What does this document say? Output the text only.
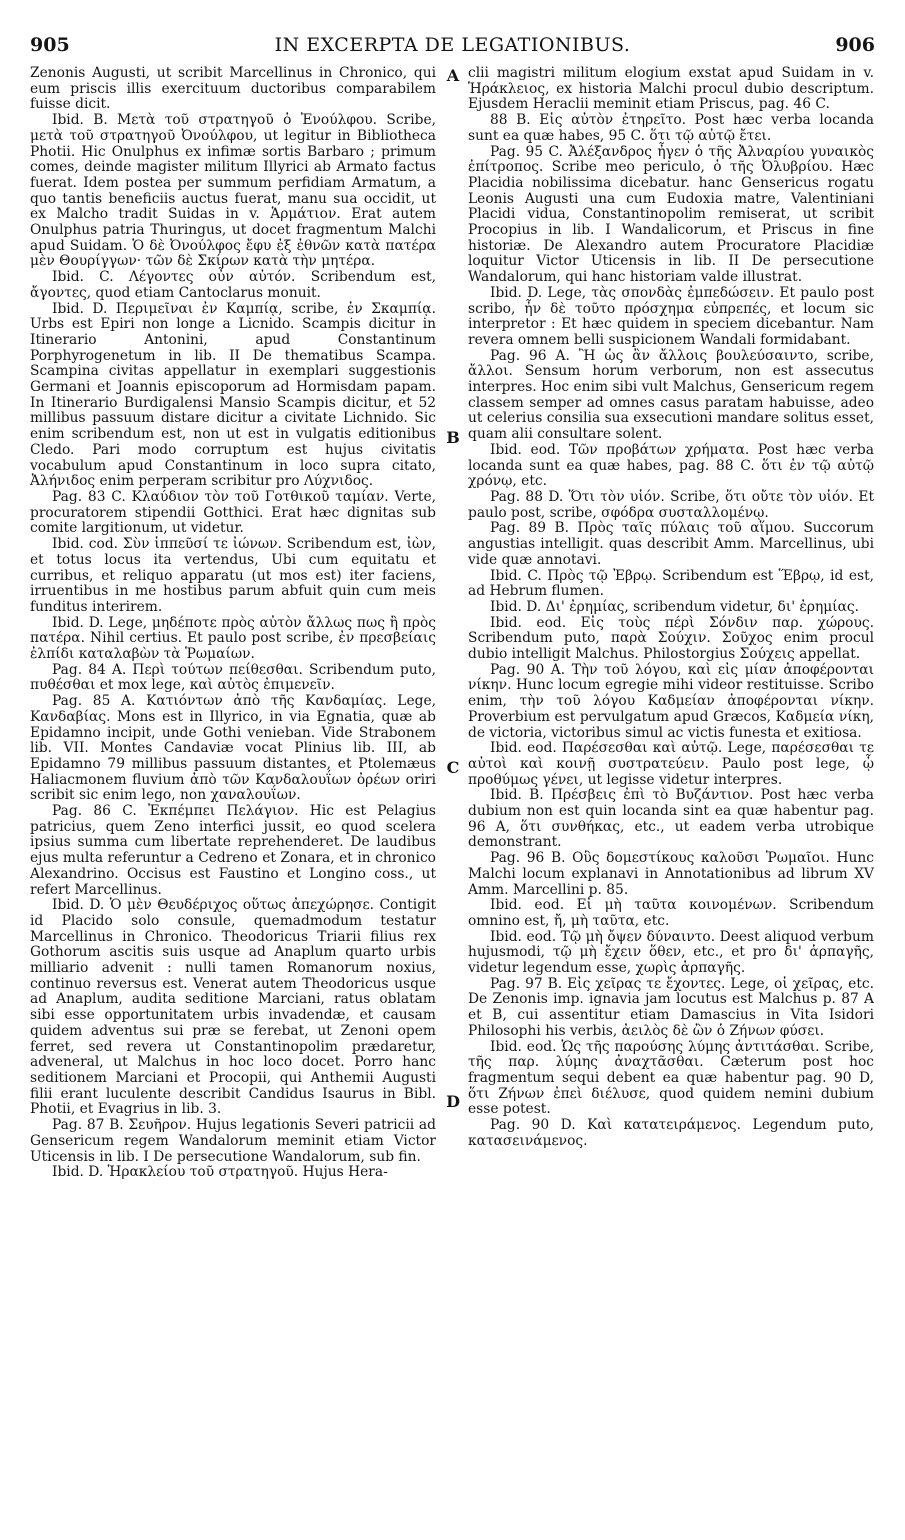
905	IN EXCERPTA DE LEGATIONIBUS.	906

Zenonis Augusti, ut scribit Marcellinus in Chronico, qui eum priscis illis exercituum ductoribus comparabilem fuisse dicit.

Ibid. B. Μετὰ τοῦ στρατηγοῦ ὁ Ἐνούλφου. Scribe, μετὰ τοῦ στρατηγοῦ Ὀνούλφου, ut legitur in Bibliotheca Photii. Hic Onulphus ex infimæ sortis Barbaro ; primum comes, deinde magister militum Illyrici ab Armato factus fuerat. Idem postea per summum perfidiam Armatum, a quo tantis beneficiis auctus fuerat, manu sua occidit, ut ex Malcho tradit Suidas in v. Ἁρμάτιον. Erat autem Onulphus patria Thuringus, ut docet fragmentum Malchi apud Suidam. Ὁ δὲ Ὀνούλφος ἔφυ ἐξ ἐθνῶν κατὰ πατέρα μὲν Θουρίγγων· τῶν δὲ Σκίρων κατὰ τὴν μητέρα.

Ibid. C. Λέγοντες οὖν αὐτόν. Scribendum est, ἄγοντες, quod etiam Cantoclarus monuit.

Ibid. D. Περιμεῖναι ἐν Καμπίᾳ, scribe, ἐν Σκαμπίᾳ. Urbs est Epiri non longe a Licnido. Scampis dicitur in Itinerario Antonini, apud Constantinum Porphyrogenetum in lib. II De thematibus Scampa. Scampina civitas appellatur in exemplari suggestionis Germani et Joannis episcoporum ad Hormisdam papam. In Itinerario Burdigalensi Mansio Scampis dicitur, et 52 millibus passuum distare dicitur a civitate Lichnido. Sic enim scribendum est, non ut est in vulgatis editionibus Cledo. Pari modo corruptum est hujus civitatis vocabulum apud Constantinum in loco supra citato, Ἀλήνιδος enim perperam scribitur pro Λύχνιδος.

Pag. 83 C. Κλαύδιον τὸν τοῦ Γοτθικοῦ ταμίαν. Verte, procuratorem stipendii Gotthici. Erat hæc dignitas sub comite largitionum, ut videtur.

Ibid. cod. Σὺν ἱππεῦσί τε ἰώνων. Scribendum est, ἰὼν, et totus locus ita vertendus, Ubi cum equitatu et curribus, et reliquo apparatu (ut mos est) iter faciens, irruentibus in me hostibus parum abfuit quin cum meis funditus interirem.

Ibid. D. Lege, μηδέποτε πρὸς αὐτὸν ἄλλως πως ἢ πρὸς πατέρα. Nihil certius. Et paulo post scribe, ἐν πρεσβείαις ἐλπίδι καταλαβὼν τὰ Ῥωμαίων.

Pag. 84 A. Περὶ τούτων πείθεσθαι. Scribendum puto, πυθέσθαι et mox lege, καὶ αὐτὸς ἐπιμενεῖν.

Pag. 85 A. Κατιόντων ἀπὸ τῆς Κανδαμίας. Lege, Κανδαβίας. Mons est in Illyrico, in via Egnatia, quæ ab Epidamno incipit, unde Gothi venieban. Vide Strabonem lib. VII. Montes Candaviæ vocat Plinius lib. III, ab Epidamno 79 millibus passuum distantes, et Ptolemæus Haliacmonem fluvium ἀπὸ τῶν Κανδαλουΐων ὀρέων oriri scribit sic enim lego, non χαναλουΐων.

Pag. 86 C. Ἐκπέμπει Πελάγιον. Hic est Pelagius patricius, quem Zeno interfici jussit, eo quod scelera ipsius summa cum libertate reprehenderet. De laudibus ejus multa referuntur a Cedreno et Zonara, et in chronico Alexandrino. Occisus est Faustino et Longino coss., ut refert Marcellinus.

Ibid. D. Ὁ μὲν Θευδέριχος οὕτως ἀπεχώρησε. Contigit id Placido solo consule, quemadmodum testatur Marcellinus in Chronico. Theodoricus Triarii filius rex Gothorum ascitis suis usque ad Anaplum quarto urbis milliario advenit : nulli tamen Romanorum noxius, continuo reversus est. Venerat autem Theodoricus usque ad Anaplum, audita seditione Marciani, ratus oblatam sibi esse opportunitatem urbis invadendæ, et causam quidem adventus sui præ se ferebat, ut Zenoni opem ferret, sed revera ut Constantinopolim prædaretur, adveneral, ut Malchus in hoc loco docet. Porro hanc seditionem Marciani et Procopii, qui Anthemii Augusti filii erant luculente describit Candidus Isaurus in Bibl. Photii, et Evagrius in lib. 3.

Pag. 87 B. Σευῆρον. Hujus legationis Severi patricii ad Gensericum regem Wandalorum meminit etiam Victor Uticensis in lib. I De persecutione Wandalorum, sub fin.

Ibid. D. Ἡρακλείου τοῦ στρατηγοῦ. Hujus Hera-

A
B
C
D

clii magistri militum elogium exstat apud Suidam in v. Ἡράκλειος, ex historia Malchi procul dubio descriptum. Ejusdem Heraclii meminit etiam Priscus, pag. 46 C.

88 B. Εἰς αὐτὸν ἐτηρεῖτο. Post hæc verba locanda sunt ea quæ habes, 95 C. ὅτι τῷ αὐτῷ ἔτει.

Pag. 95 C. Ἀλέξανδρος ἦγεν ὁ τῆς Ἀλναρίου γυναικὸς ἐπίτροπος. Scribe meo periculo, ὁ τῆς Ὀλυβρίου. Hæc Placidia nobilissima dicebatur. hanc Gensericus rogatu Leonis Augusti una cum Eudoxia matre, Valentiniani Placidi vidua, Constantinopolim remiserat, ut scribit Procopius in lib. I Wandalicorum, et Priscus in fine historiæ. De Alexandro autem Procuratore Placidiæ loquitur Victor Uticensis in lib. II De persecutione Wandalorum, qui hanc historiam valde illustrat.

Ibid. D. Lege, τὰς σπονδὰς ἐμπεδώσειν. Et paulo post scribo, ἦν δὲ τοῦτο πρόσχημα εὐπρεπές, et locum sic interpretor : Et hæc quidem in speciem dicebantur. Nam revera omnem belli suspicionem Wandali formidabant.

Pag. 96 A. Ἢ ὡς ἂν ἄλλοις βουλεύσαιντο, scribe, ἄλλοι. Sensum horum verborum, non est assecutus interpres. Hoc enim sibi vult Malchus, Gensericum regem classem semper ad omnes casus paratam habuisse, adeo ut celerius consilia sua exsecutioni mandare solitus esset, quam alii consultare solent.

Ibid. eod. Τῶν προβάτων χρήματα. Post hæc verba locanda sunt ea quæ habes, pag. 88 C. ὅτι ἐν τῷ αὐτῷ χρόνῳ, etc.

Pag. 88 D. Ὅτι τὸν υἱόν. Scribe, ὅτι οὔτε τὸν υἱόν. Et paulo post, scribe, σφόδρα συσταλλομένῳ.

Pag. 89 B. Πρὸς ταῖς πύλαις τοῦ αἵμου. Succorum angustias intelligit. quas describit Amm. Marcellinus, ubi vide quæ annotavi.

Ibid. C. Πρὸς τῷ Ἐβρῳ. Scribendum est Ἕβρῳ, id est, ad Hebrum flumen.

Ibid. D. Δι' ἐρημίας, scribendum videtur, δι' ἐρημίας.

Ibid. eod. Εἰς τοὺς πέρὶ Σόνδιν παρ. χώρους. Scribendum puto, παρὰ Σούχιν. Σοῦχος enim procul dubio intelligit Malchus. Philostorgius Σούχεις appellat.

Pag. 90 A. Τὴν τοῦ λόγου, καὶ εἰς μίαν ἀποφέρονται νίκην. Hunc locum egregie mihi videor restituisse. Scribo enim, τὴν τοῦ λόγου Καδμείαν ἀποφέρονται νίκην. Proverbium est pervulgatum apud Græcos, Καδμεία νίκη, de victoria, victoribus simul ac victis funesta et exitiosa.

Ibid. eod. Παρέσεσθαι καὶ αὐτῷ. Lege, παρέσεσθαι τε αὐτοὶ καὶ κοινῇ συστρατεύειν. Paulo post lege, ᾧ προθύμως γένει, ut legisse videtur interpres.

Ibid. B. Πρέσβεις ἐπὶ τὸ Βυζάντιον. Post hæc verba dubium non est quin locanda sint ea quæ habentur pag. 96 A, ὅτι συνθήκας, etc., ut eadem verba utrobique demonstrant.

Pag. 96 B. Οὓς δομεστίκους καλοῦσι Ῥωμαῖοι. Hunc Malchi locum explanavi in Annotationibus ad librum XV Amm. Marcellini p. 85.

Ibid. eod. Εἰ μὴ ταῦτα κοινομένων. Scribendum omnino est, ἤ, μὴ ταῦτα, etc.

Ibid. eod. Τῷ μὴ ὄψεν δύναιντο. Deest aliquod verbum hujusmodi, τῷ μὴ ἔχειν ὅθεν, etc., et pro δι' ἁρπαγῆς, videtur legendum esse, χωρὶς ἁρπαγῆς.

Pag. 97 B. Εἰς χεῖρας τε ἔχοντες. Lege, οἱ χεῖρας, etc. De Zenonis imp. ignavia jam locutus est Malchus p. 87 A et B, cui assentitur etiam Damascius in Vita Isidori Philosophi his verbis, ἀειλὸς δὲ ὢν ὁ Ζήνων φύσει.

Ibid. eod. Ὡς τῆς παρούσης λύμης ἀντιτάσθαι. Scribe, τῆς παρ. λύμης ἀναχτᾶσθαι. Cæterum post hoc fragmentum sequi debent ea quæ habentur pag. 90 D, ὅτι Ζήνων ἐπεὶ διέλυσε, quod quidem nemini dubium esse potest.

Pag. 90 D. Καὶ κατατειράμενος. Legendum puto, κατασεινάμενος.
